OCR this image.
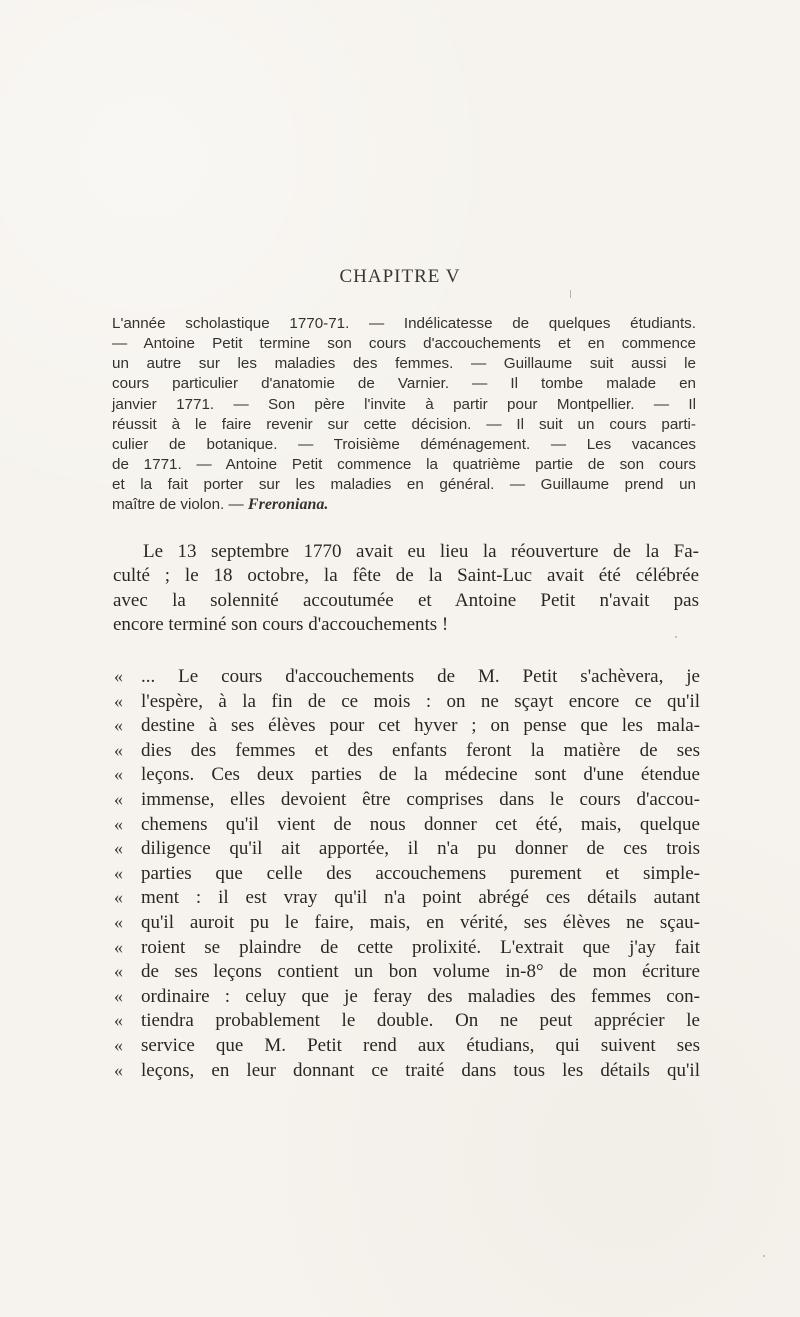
CHAPITRE V
L'année scholastique 1770-71. — Indélicatesse de quelques étudiants.
— Antoine Petit termine son cours d'accouchements et en commence
un autre sur les maladies des femmes. — Guillaume suit aussi le
cours particulier d'anatomie de Varnier. — Il tombe malade en
janvier 1771. — Son père l'invite à partir pour Montpellier. — Il
réussit à le faire revenir sur cette décision. — Il suit un cours parti-
culier de botanique. — Troisième déménagement. — Les vacances
de 1771. — Antoine Petit commence la quatrième partie de son cours
et la fait porter sur les maladies en général. — Guillaume prend un
maître de violon. — Freroniana.
Le 13 septembre 1770 avait eu lieu la réouverture de la Fa-
culté ; le 18 octobre, la fête de la Saint-Luc avait été célébrée
avec la solennité accoutumée et Antoine Petit n'avait pas
encore terminé son cours d'accouchements !
« ... Le cours d'accouchements de M. Petit s'achèvera, je
« l'espère, à la fin de ce mois : on ne sçayt encore ce qu'il
« destine à ses élèves pour cet hyver ; on pense que les mala-
« dies des femmes et des enfants feront la matière de ses
« leçons. Ces deux parties de la médecine sont d'une étendue
« immense, elles devoient être comprises dans le cours d'accou-
« chemens qu'il vient de nous donner cet été, mais, quelque
« diligence qu'il ait apportée, il n'a pu donner de ces trois
« parties que celle des accouchemens purement et simple-
« ment : il est vray qu'il n'a point abrégé ces détails autant
« qu'il auroit pu le faire, mais, en vérité, ses élèves ne sçau-
« roient se plaindre de cette prolixité. L'extrait que j'ay fait
« de ses leçons contient un bon volume in-8° de mon écriture
« ordinaire : celuy que je feray des maladies des femmes con-
« tiendra probablement le double. On ne peut apprécier le
« service que M. Petit rend aux étudians, qui suivent ses
« leçons, en leur donnant ce traité dans tous les détails qu'il
